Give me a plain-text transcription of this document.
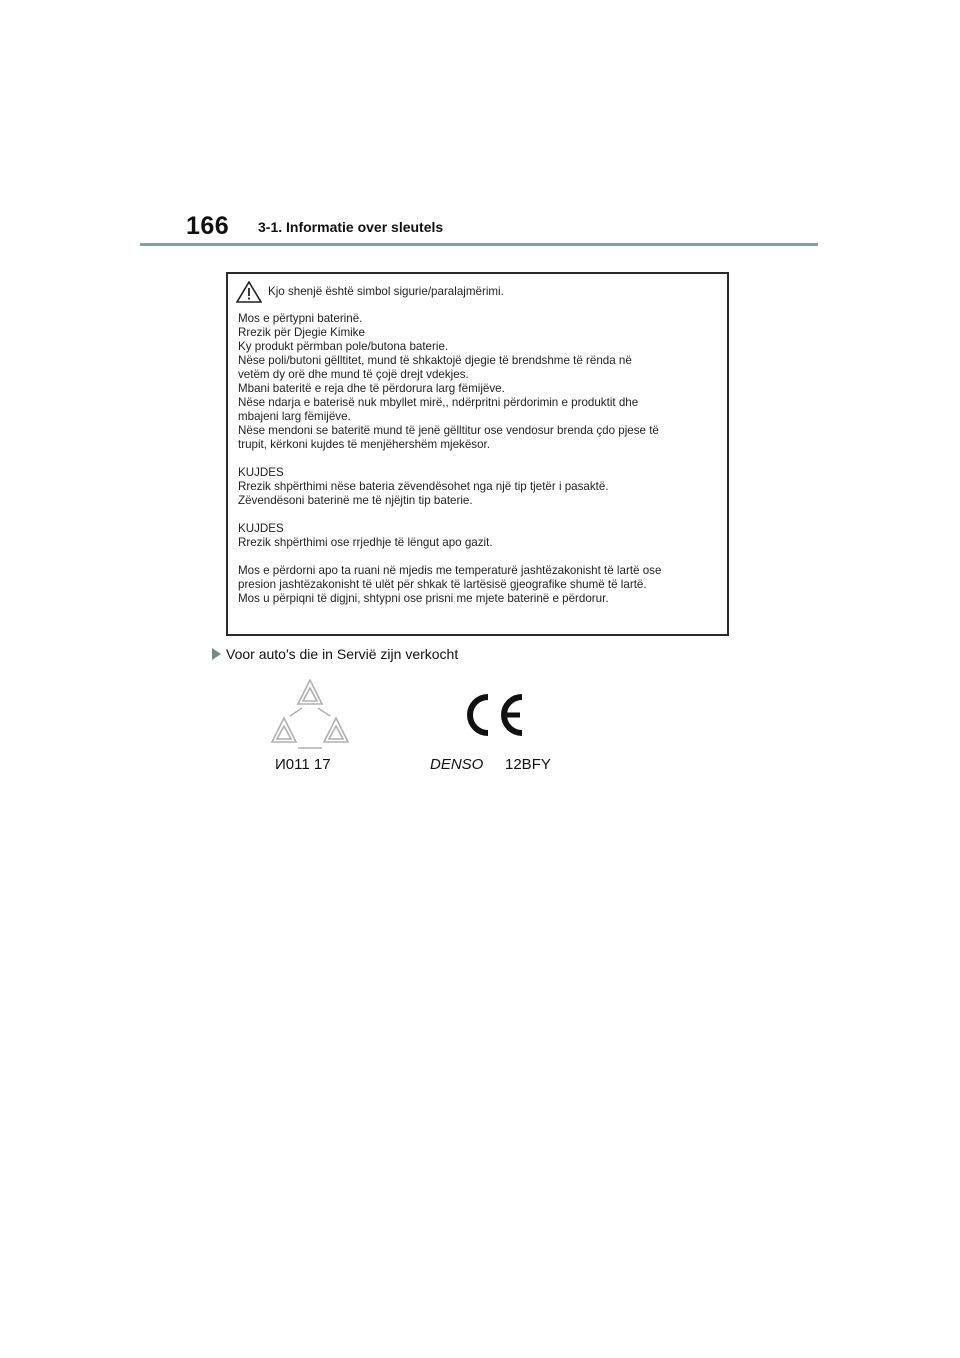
166 3-1. Informatie over sleutels
Kjo shenjë është simbol sigurie/paralajmërimi.
Mos e përtypni baterinë.
Rrezik për Djegie Kimike
Ky produkt përmban pole/butona baterie.
Nëse poli/butoni gëlltitet, mund të shkaktojë djegie të brendshme të rënda në
vetëm dy orë dhe mund të çojë drejt vdekjes.
Mbani bateritë e reja dhe të përdorura larg fëmijëve.
Nëse ndarja e baterisë nuk mbyllet mirë,, ndërpritni përdorimin e produktit dhe
mbajeni larg fëmijëve.
Nëse mendoni se bateritë mund të jenë gëlltitur ose vendosur brenda çdo pjese të
trupit, kërkoni kujdes të menjëhershëm mjekësor.
KUJDES
Rrezik shpërthimi nëse bateria zëvendësohet nga një tip tjetër i pasaktë.
Zëvendësoni baterinë me të njëjtin tip baterie.
KUJDES
Rrezik shpërthimi ose rrjedhje të lëngut apo gazit.
Mos e përdorni apo ta ruani në mjedis me temperaturë jashtëzakonisht të lartë ose
presion jashtëzakonisht të ulët për shkak të lartësisë gjeografike shumë të lartë.
Mos u përpiqni të digjni, shtypni ose prisni me mjete baterinë e përdorur.
Voor auto's die in Servië zijn verkocht
И011 17	DENSO 12BFY
